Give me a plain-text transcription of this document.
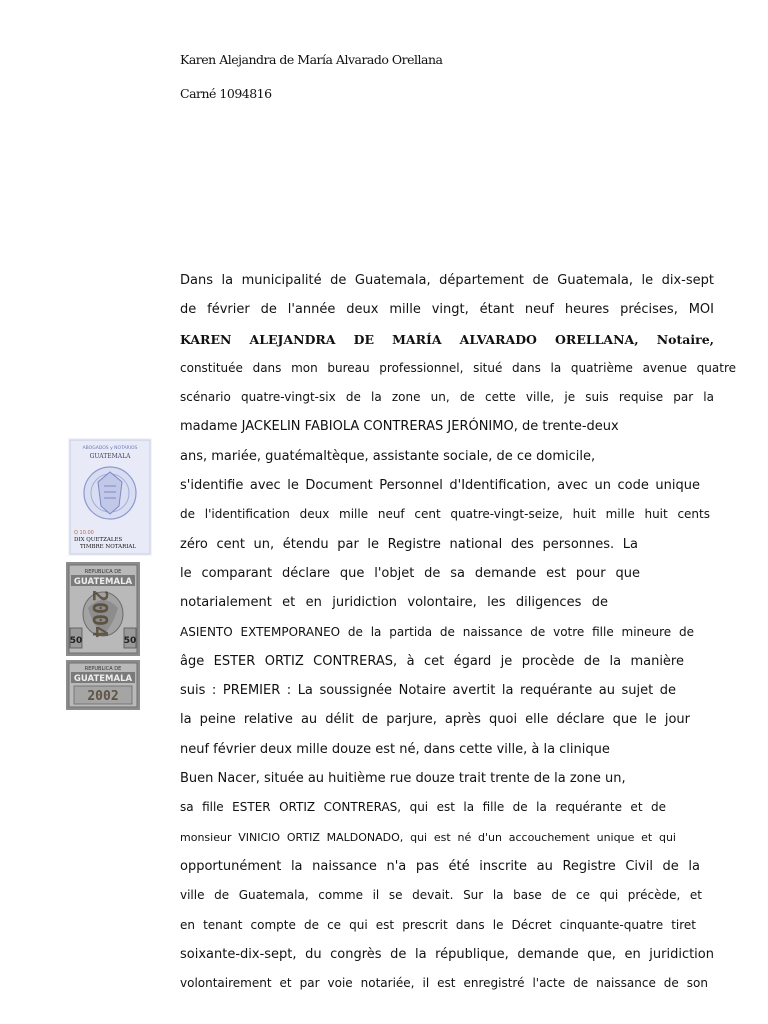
Karen Alejandra de María Alvarado Orellana
Carné 1094816
ABOGADOS y NOTARIOS
GUATEMALA
Q 10.00
DIX QUETZALES
TIMBRE NOTARIAL
REPUBLICA DE
GUATEMALA
50	50
2004
REPUBLICA DE
GUATEMALA
2002
Dans la municipalité de Guatemala, département de Guatemala, le dix-sept
de février de l'année deux mille vingt, étant neuf heures précises, MOI
KAREN ALEJANDRA DE MARÍA ALVARADO ORELLANA, Notaire,
constituée dans mon bureau professionnel, situé dans la quatrième avenue quatre
scénario quatre-vingt-six de la zone un, de cette ville, je suis requise par la
madame JACKELIN FABIOLA CONTRERAS JERÓNIMO, de trente-deux
ans, mariée, guatémaltèque, assistante sociale, de ce domicile,
s'identifie avec le Document Personnel d'Identification, avec un code unique
de l'identification deux mille neuf cent quatre-vingt-seize, huit mille huit cents
zéro cent un, étendu par le Registre national des personnes. La
le comparant déclare que l'objet de sa demande est pour que
notarialement et en juridiction volontaire, les diligences de
ASIENTO EXTEMPORANEO de la partida de naissance de votre fille mineure de
âge ESTER ORTIZ CONTRERAS, à cet égard je procède de la manière
suis : PREMIER : La soussignée Notaire avertit la requérante au sujet de
la peine relative au délit de parjure, après quoi elle déclare que le jour
neuf février deux mille douze est né, dans cette ville, à la clinique
Buen Nacer, située au huitième rue douze trait trente de la zone un,
sa fille ESTER ORTIZ CONTRERAS, qui est la fille de la requérante et de
monsieur VINICIO ORTIZ MALDONADO, qui est né d'un accouchement unique et qui
opportunément la naissance n'a pas été inscrite au Registre Civil de la
ville de Guatemala, comme il se devait. Sur la base de ce qui précède, et
en tenant compte de ce qui est prescrit dans le Décret cinquante-quatre tiret
soixante-dix-sept, du congrès de la république, demande que, en juridiction
volontairement et par voie notariée, il est enregistré l'acte de naissance de son
